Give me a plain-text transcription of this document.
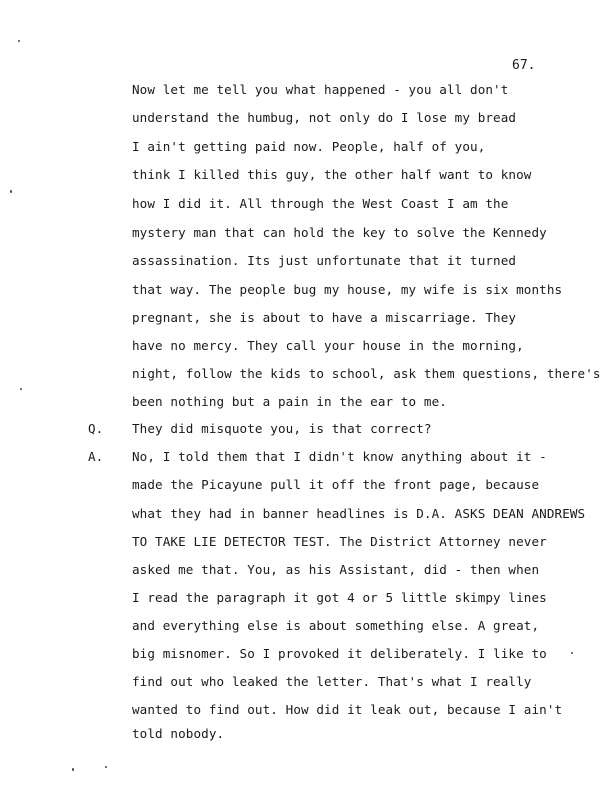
67.
Now let me tell you what happened - you all don't
understand the humbug, not only do I lose my bread
I ain't getting paid now. People, half of you,
think I killed this guy, the other half want to know
how I did it. All through the West Coast I am the
mystery man that can hold the key to solve the Kennedy
assassination. Its just unfortunate that it turned
that way. The people bug my house, my wife is six months
pregnant, she is about to have a miscarriage. They
have no mercy. They call your house in the morning,
night, follow the kids to school, ask them questions, there's
been nothing but a pain in the ear to me.
Q. They did misquote you, is that correct?
A. No, I told them that I didn't know anything about it -
made the Picayune pull it off the front page, because
what they had in banner headlines is D.A. ASKS DEAN ANDREWS
TO TAKE LIE DETECTOR TEST. The District Attorney never
asked me that. You, as his Assistant, did - then when
I read the paragraph it got 4 or 5 little skimpy lines
and everything else is about something else. A great,
big misnomer. So I provoked it deliberately. I like to
find out who leaked the letter. That's what I really
wanted to find out. How did it leak out, because I ain't
told nobody.
